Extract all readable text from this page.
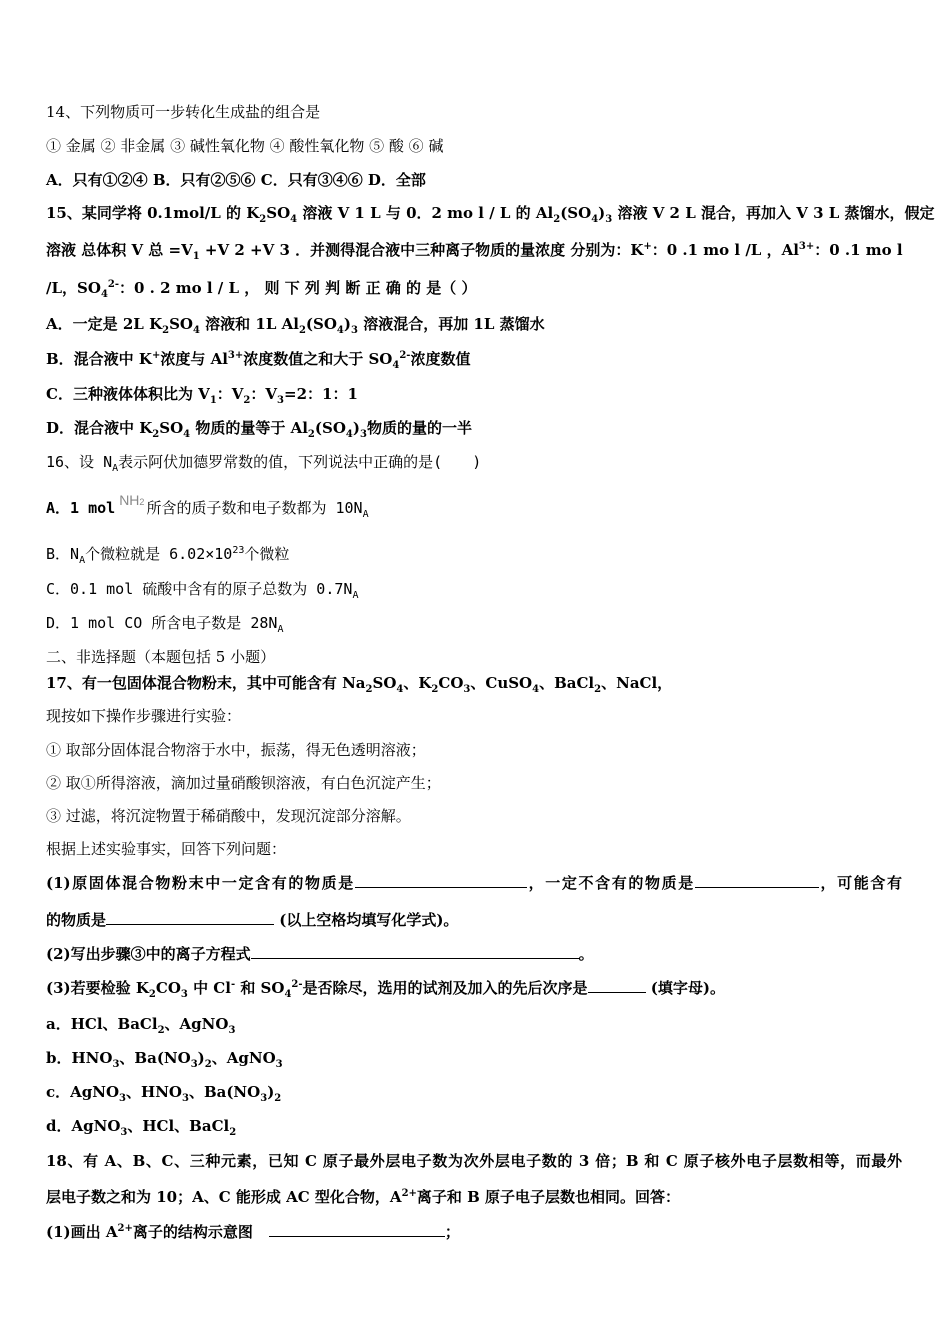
14、下列物质可一步转化生成盐的组合是
① 金属 ② 非金属 ③ 碱性氧化物 ④ 酸性氧化物 ⑤ 酸 ⑥ 碱
A．只有①②④ B．只有②⑤⑥ C．只有③④⑥ D．全部
15、某同学将 0.1mol/L 的 $K_2SO_4$ 溶液 V 1 L 与 0．2 mo l / L 的 $Al_2(SO_4)_3$ 溶液 V 2 L 混合，再加入 V 3 L 蒸馏水，假定
溶液 总体积 V 总 $=V_1 +V$ 2 +V 3 ．并测得混合液中三种离子物质的量浓度 分别为：K+：0 .1 mo l /L ，$Al^{3+}$：0 .1 mo l
/L，$SO_4^{2-}$：0 . 2 mo l / L ， 则 下 列 判 断 正 确 的 是（ ）
A．一定是 2L $K_2SO_4$ 溶液和 1L $Al_2(SO_4)_3$ 溶液混合，再加 1L 蒸馏水
B．混合液中 K+浓度与 $Al^{3+}$浓度数值之和大于 $SO_4^{2-}$浓度数值
C．三种液体体积比为 $V_1$：$V_2$：$V_3=2$：1：1
D．混合液中 $K_2SO_4$ 物质的量等于 $Al_2(SO_4)_3$物质的量的一半
16、设 $N_A$表示阿伏加德罗常数的值，下列说法中正确的是(　　)
A．1 mol NH2 所含的质子数和电子数都为 $10N_A$
B．$N_A$个微粒就是 $6.02\times 10^{23}$个微粒
C．0.1 mol 硫酸中含有的原子总数为 $0.7N_A$
D．1 mol CO 所含电子数是 $28N_A$
二、非选择题（本题包括 5 小题）
17、有一包固体混合物粉末，其中可能含有 $Na_2SO_4$、$K_2CO_3$、CuSO$_4$、BaCl$_2$、NaCl，
现按如下操作步骤进行实验：
① 取部分固体混合物溶于水中，振荡，得无色透明溶液；
② 取①所得溶液，滴加过量硝酸钡溶液，有白色沉淀产生；
③ 过滤，将沉淀物置于稀硝酸中，发现沉淀部分溶解。
根据上述实验事实，回答下列问题：
(1)原固体混合物粉末中一定含有的物质是	，一定不含有的物质是	，可能含有
的物质是	(以上空格均填写化学式)。
(2)写出步骤③中的离子方程式	。
(3)若要检验 $K_2CO_3$ 中 Cl- 和 $SO_4^{2-}$是否除尽，选用的试剂及加入的先后次序是	(填字母)。
a．HCl、BaCl$_2$、AgNO$_3$
b．$HNO_3$、$Ba(NO_3)_2$、AgNO$_3$
c．AgNO$_3$、$HNO_3$、$Ba(NO_3)_2$
d．AgNO$_3$、HCl、BaCl$_2$
18、有 A、B、C、三种元素，已知 C 原子最外层电子数为次外层电子数的 3 倍；B 和 C 原子核外电子层数相等，而最外
层电子数之和为 10；A、C 能形成 AC 型化合物，$A^{2+}$离子和 B 原子电子层数也相同。回答：
(1)画出 $A^{2+}$离子的结构示意图	；
